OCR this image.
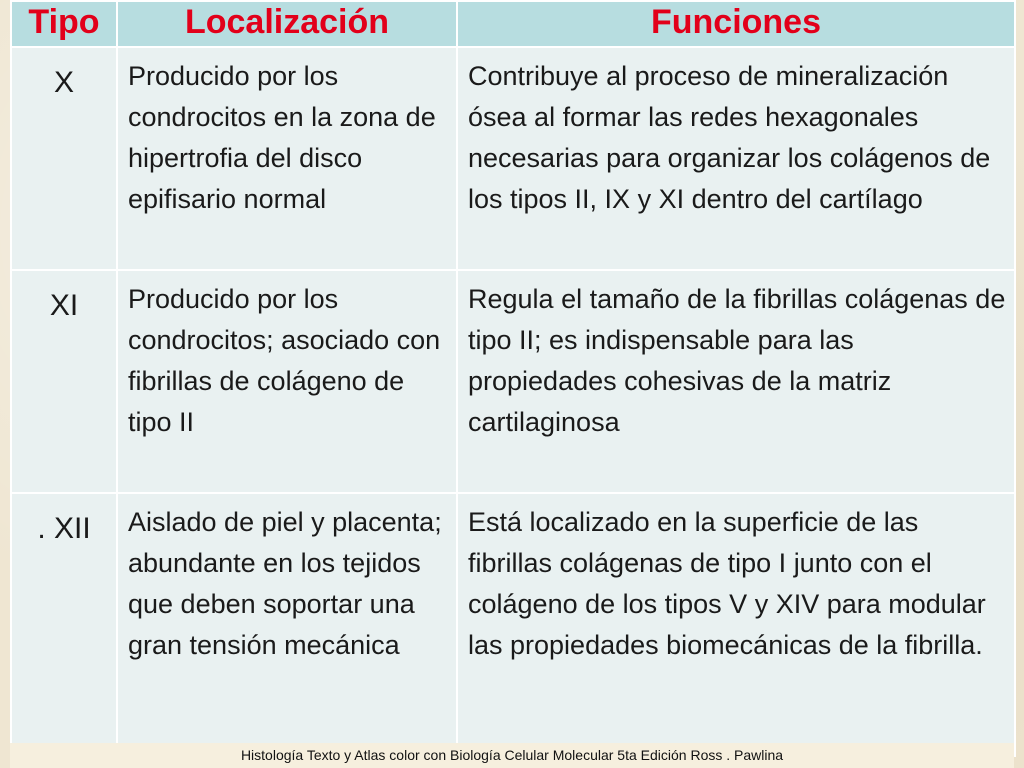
Tipo	Localización	Funciones
X	Producido por los condrocitos en la zona de hipertrofia del disco epifisario normal	Contribuye al proceso de mineralización ósea al formar las redes hexagonales necesarias para organizar los colágenos de los tipos II, IX y XI dentro del cartílago
XI	Producido por los condrocitos; asociado con fibrillas de colágeno de tipo II	Regula el tamaño de la fibrillas colágenas de tipo II; es indispensable para las propiedades cohesivas de la matriz cartilaginosa
. XII	Aislado de piel y placenta; abundante en los tejidos que deben soportar una gran tensión mecánica	Está localizado en la superficie de las fibrillas colágenas de tipo I junto con el colágeno de los tipos V y XIV para modular las propiedades biomecánicas de la fibrilla.
Histología Texto y Atlas color con Biología Celular Molecular 5ta Edición Ross . Pawlina
